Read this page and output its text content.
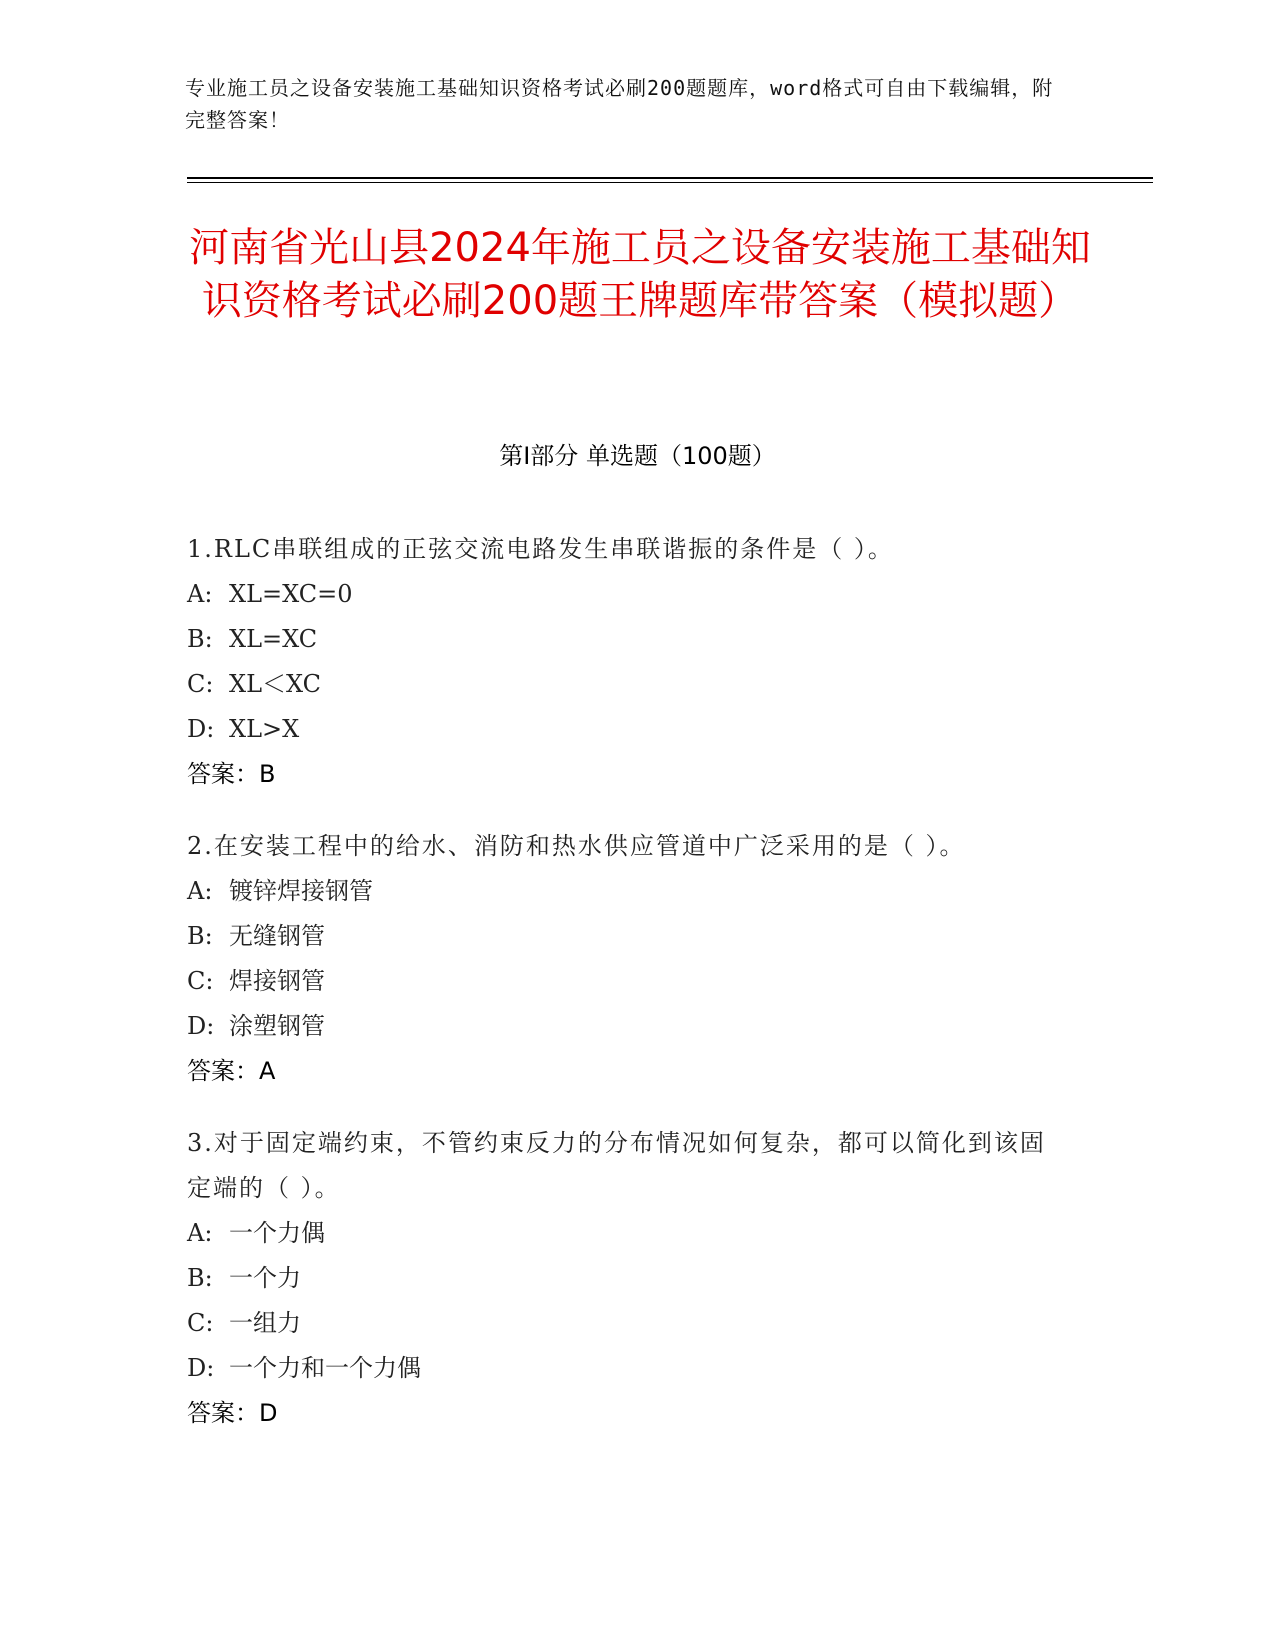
专业施工员之设备安装施工基础知识资格考试必刷200题题库，word格式可自由下载编辑，附完整答案！
河南省光山县2024年施工员之设备安装施工基础知识资格考试必刷200题王牌题库带答案（模拟题）
第Ⅰ部分 单选题（100题）
1.RLC串联组成的正弦交流电路发生串联谐振的条件是（ ）。
A: XL=XC=0
B: XL=XC
C: XL＜XC
D: XL>X
答案：B
2.在安装工程中的给水、消防和热水供应管道中广泛采用的是（ ）。
A: 镀锌焊接钢管
B: 无缝钢管
C: 焊接钢管
D: 涂塑钢管
答案：A
3.对于固定端约束，不管约束反力的分布情况如何复杂，都可以简化到该固定端的（ ）。
A: 一个力偶
B: 一个力
C: 一组力
D: 一个力和一个力偶
答案：D
